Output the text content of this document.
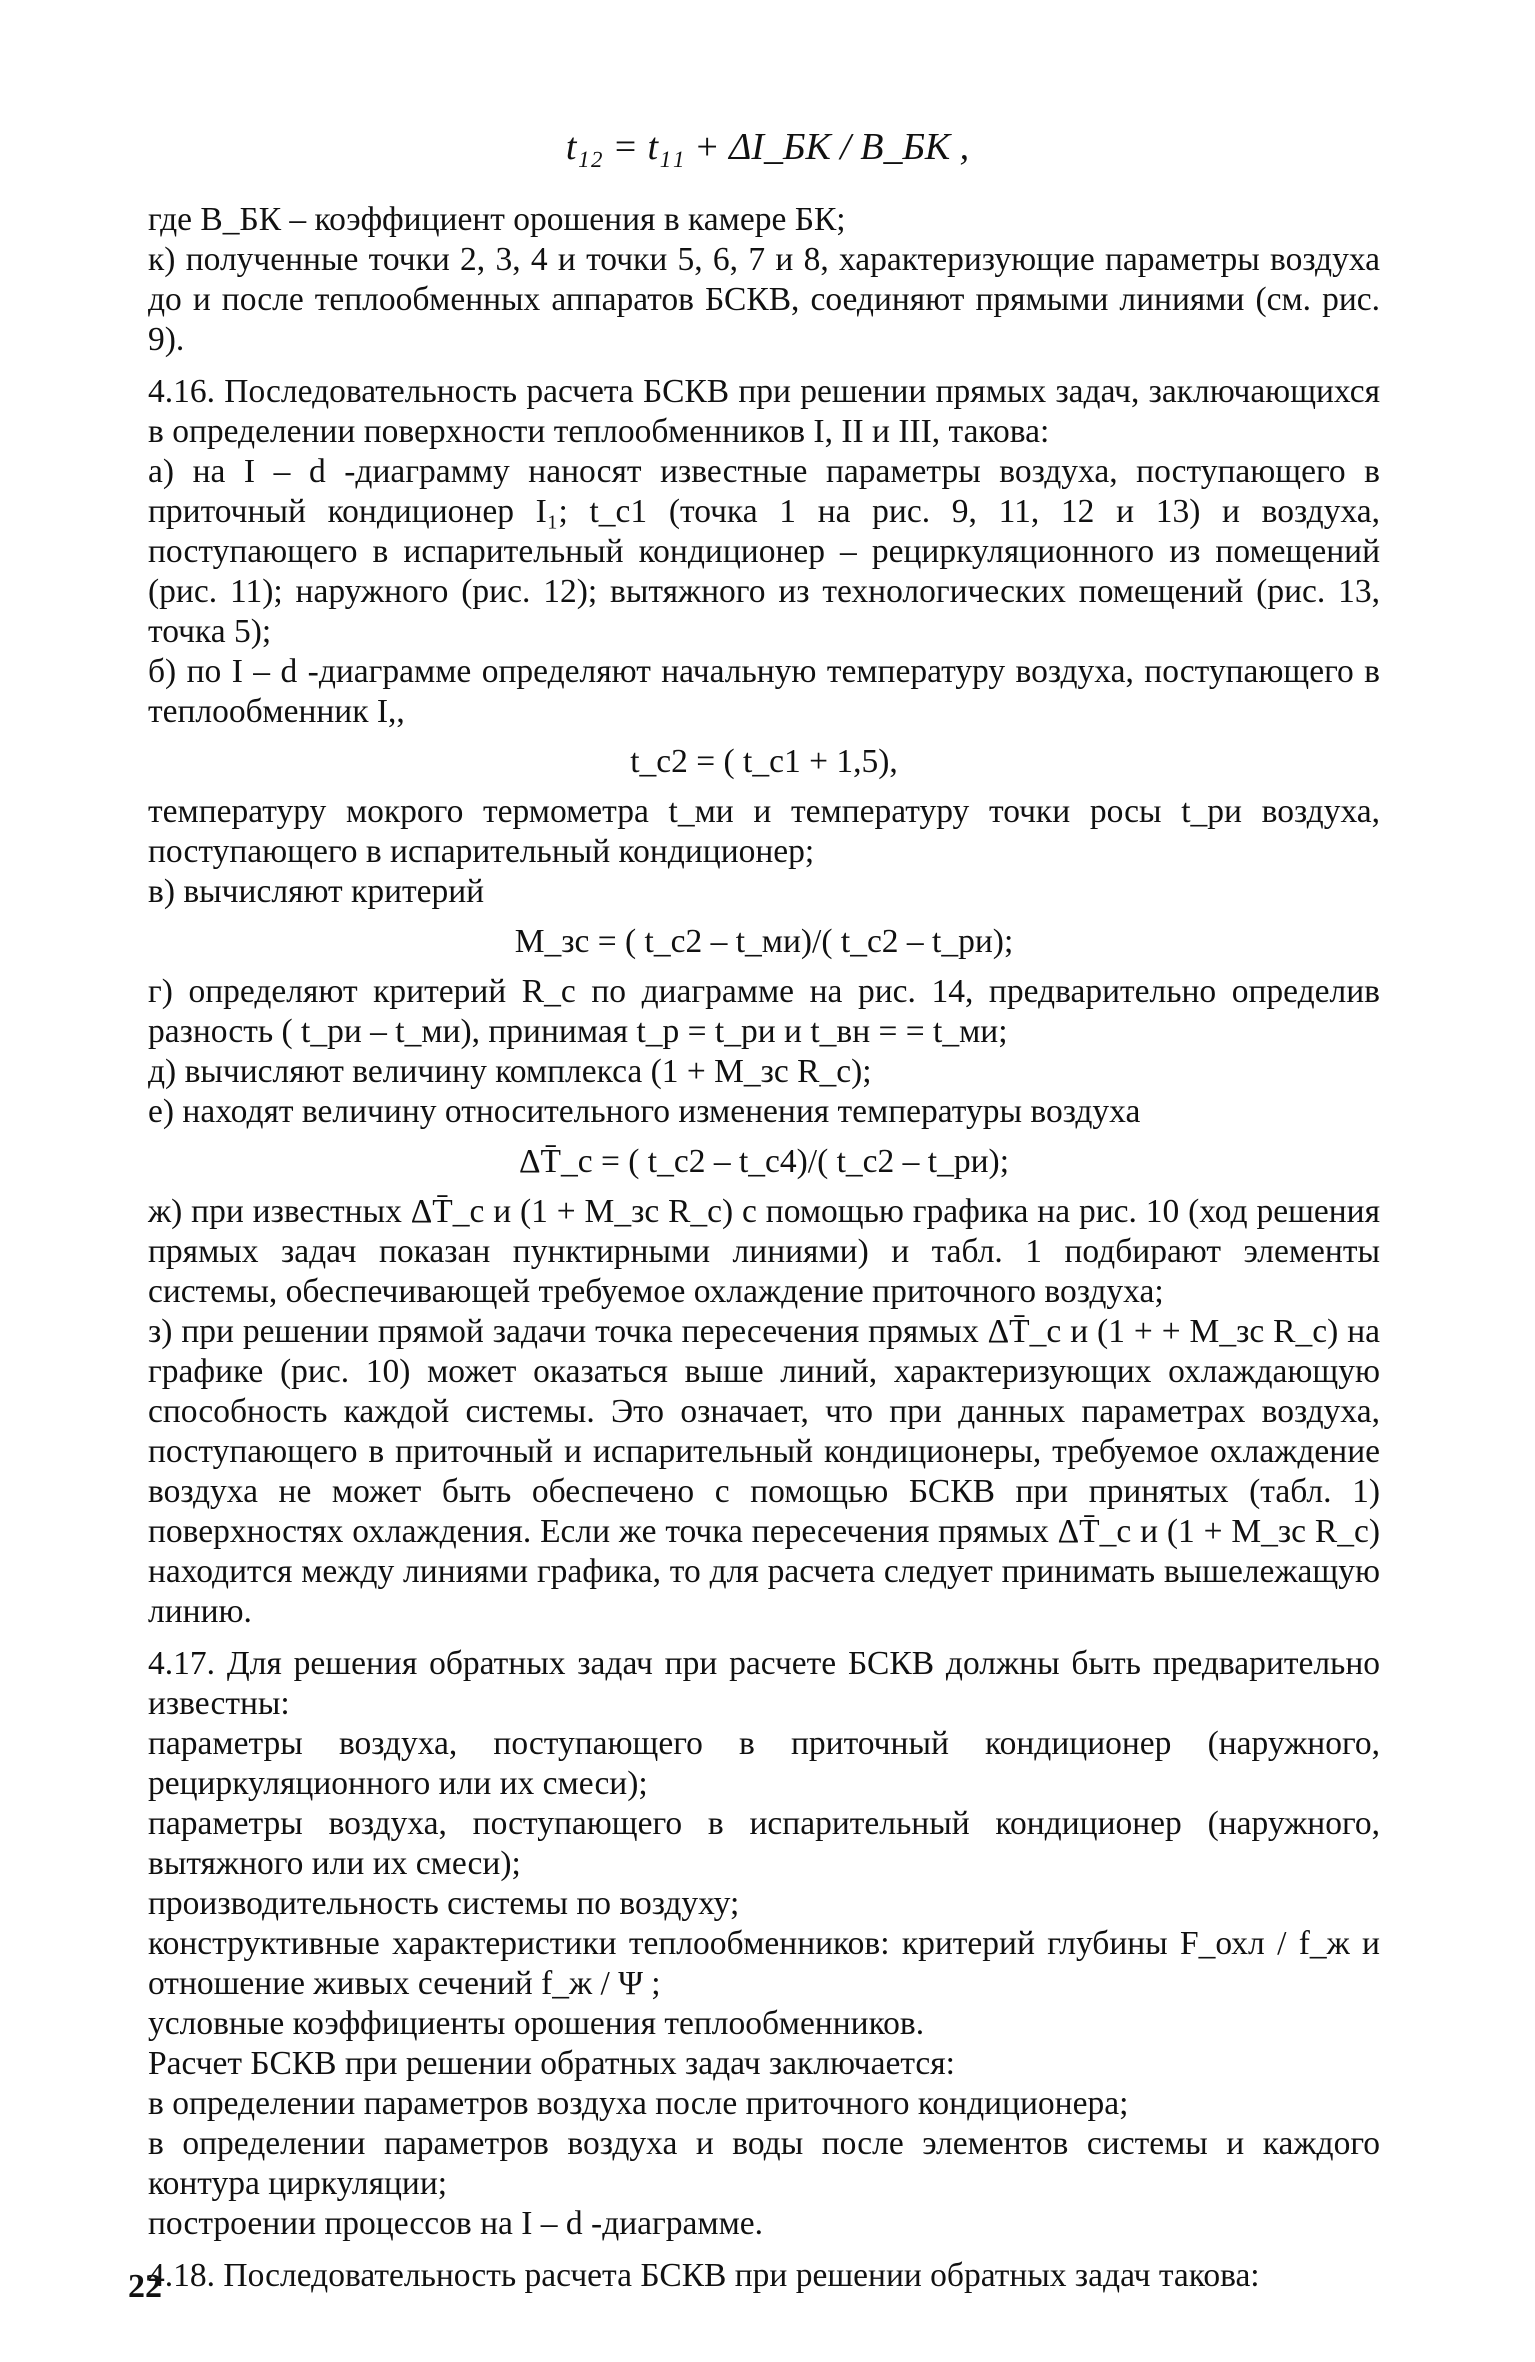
t₁₂ = t₁₁ + ΔI_БК / B_БК ,

где B_БК – коэффициент орошения в камере БК;

к) полученные точки 2, 3, 4 и точки 5, 6, 7 и 8, характеризующие параметры воздуха до и после теплообменных аппаратов БСКВ, соединяют прямыми линиями (см. рис. 9).

4.16. Последовательность расчета БСКВ при решении прямых задач, заключающихся в определении поверхности теплообменников I, II и III, такова:

а) на I – d -диаграмму наносят известные параметры воздуха, поступающего в приточный кондиционер I₁; t_c1 (точка 1 на рис. 9, 11, 12 и 13) и воздуха, поступающего в испарительный кондиционер – рециркуляционного из помещений (рис. 11); наружного (рис. 12); вытяжного из технологических помещений (рис. 13, точка 5);

б) по I – d -диаграмме определяют начальную температуру воздуха, поступающего в теплообменник I,,

t_c2 = ( t_c1 + 1,5),

температуру мокрого термометра t_ми и температуру точки росы t_ри воздуха, поступающего в испарительный кондиционер;

в) вычисляют критерий

M_зс = ( t_c2 – t_ми)/( t_c2 – t_ри);

г) определяют критерий R_c по диаграмме на рис. 14, предварительно определив разность ( t_ри – t_ми), принимая t_р = t_ри и t_вн = = t_ми;

д) вычисляют величину комплекса (1 + M_зс R_c);

е) находят величину относительного изменения температуры воздуха

ΔT̄_c = ( t_c2 – t_c4)/( t_c2 – t_ри);

ж) при известных ΔT̄_c и (1 + M_зс R_c) с помощью графика на рис. 10 (ход решения прямых задач показан пунктирными линиями) и табл. 1 подбирают элементы системы, обеспечивающей требуемое охлаждение приточного воздуха;

з) при решении прямой задачи точка пересечения прямых ΔT̄_c и (1 + + M_зс R_c) на графике (рис. 10) может оказаться выше линий, характеризующих охлаждающую способность каждой системы. Это означает, что при данных параметрах воздуха, поступающего в приточный и испарительный кондиционеры, требуемое охлаждение воздуха не может быть обеспечено с помощью БСКВ при принятых (табл. 1) поверхностях охлаждения. Если же точка пересечения прямых ΔT̄_c и (1 + M_зс R_c) находится между линиями графика, то для расчета следует принимать вышележащую линию.

4.17. Для решения обратных задач при расчете БСКВ должны быть предварительно известны:

параметры воздуха, поступающего в приточный кондиционер (наружного, рециркуляционного или их смеси);

параметры воздуха, поступающего в испарительный кондиционер (наружного, вытяжного или их смеси);

производительность системы по воздуху;

конструктивные характеристики теплообменников: критерий глубины F_охл / f_ж и отношение живых сечений f_ж / Ψ ;

условные коэффициенты орошения теплообменников.

Расчет БСКВ при решении обратных задач заключается:

в определении параметров воздуха после приточного кондиционера;

в определении параметров воздуха и воды после элементов системы и каждого контура циркуляции;

построении процессов на I – d -диаграмме.

4.18. Последовательность расчета БСКВ при решении обратных задач такова:

22
